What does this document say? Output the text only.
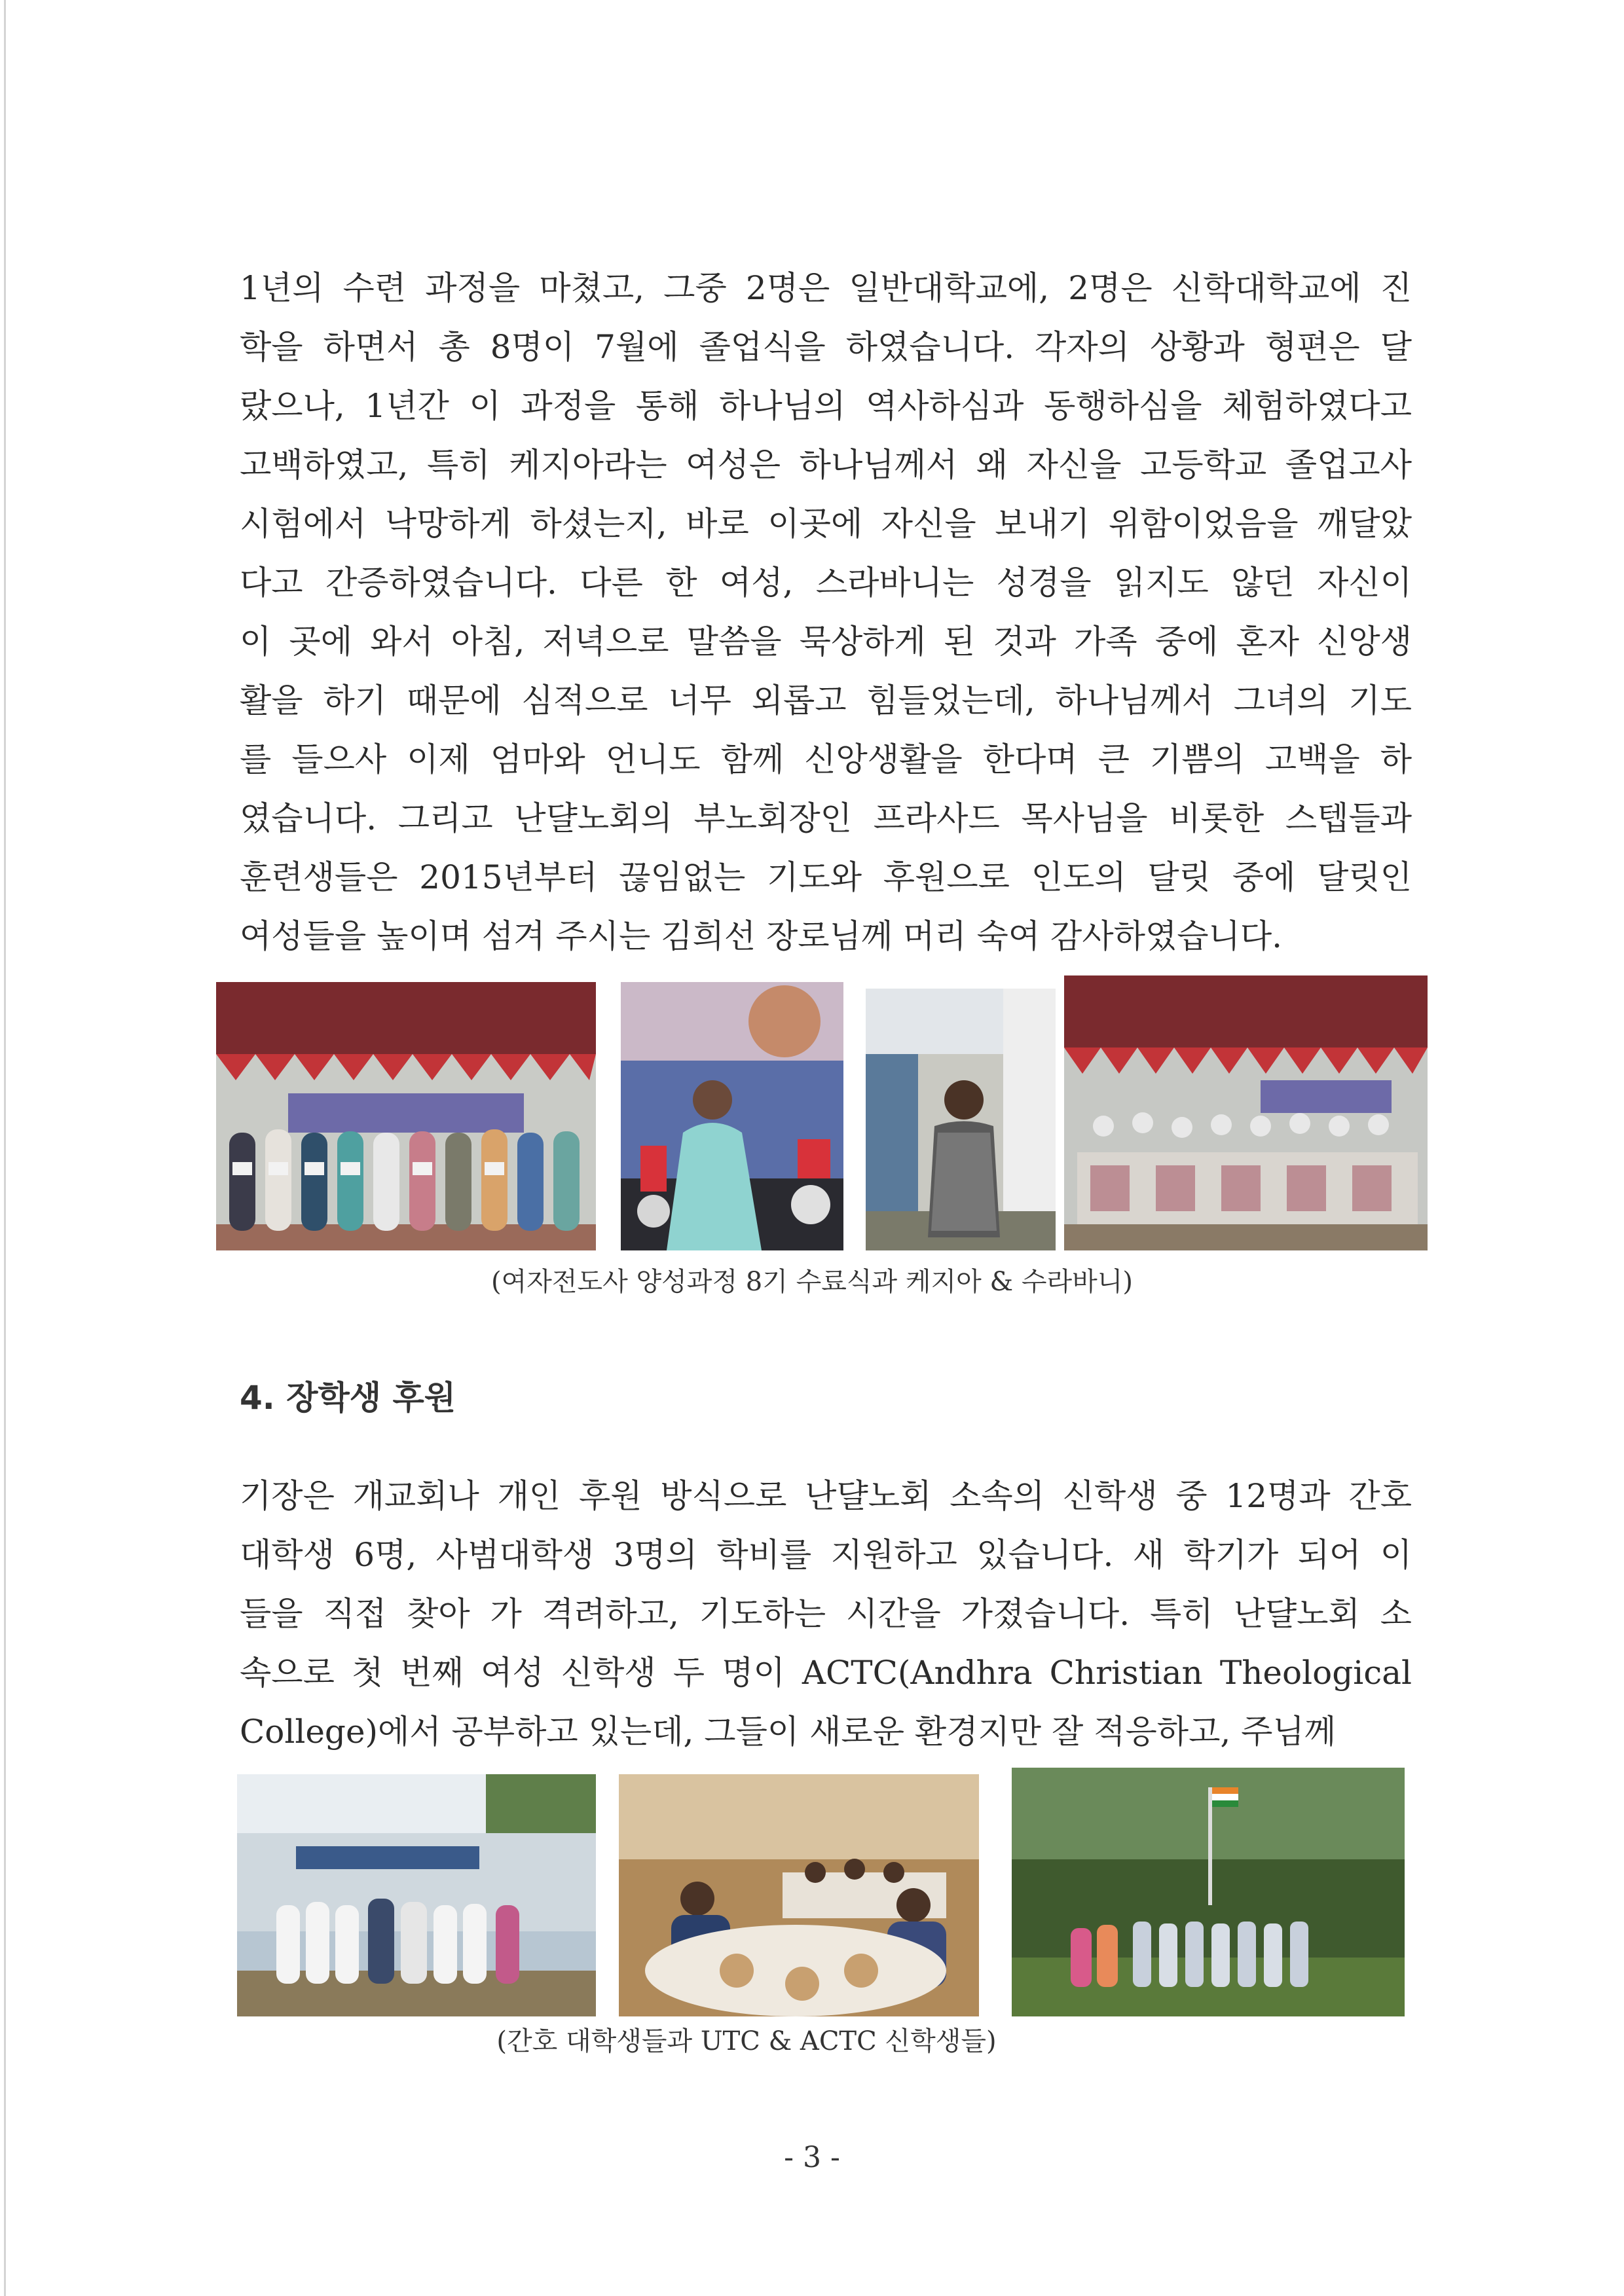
1년의 수련 과정을 마쳤고, 그중 2명은 일반대학교에, 2명은 신학대학교에 진
학을 하면서 총 8명이 7월에 졸업식을 하였습니다. 각자의 상황과 형편은 달
랐으나, 1년간 이 과정을 통해 하나님의 역사하심과 동행하심을 체험하였다고
고백하였고, 특히 케지아라는 여성은 하나님께서 왜 자신을 고등학교 졸업고사
시험에서 낙망하게 하셨는지, 바로 이곳에 자신을 보내기 위함이었음을 깨달았
다고 간증하였습니다. 다른 한 여성, 스라바니는 성경을 읽지도 않던 자신이
이 곳에 와서 아침, 저녁으로 말씀을 묵상하게 된 것과 가족 중에 혼자 신앙생
활을 하기 때문에 심적으로 너무 외롭고 힘들었는데, 하나님께서 그녀의 기도
를 들으사 이제 엄마와 언니도 함께 신앙생활을 한다며 큰 기쁨의 고백을 하
였습니다. 그리고 난댤노회의 부노회장인 프라사드 목사님을 비롯한 스텝들과
훈련생들은 2015년부터 끊임없는 기도와 후원으로 인도의 달릿 중에 달릿인
여성들을 높이며 섬겨 주시는 김희선 장로님께 머리 숙여 감사하였습니다.
(여자전도사 양성과정 8기 수료식과 케지아 & 수라바니)
4. 장학생 후원
기장은 개교회나 개인 후원 방식으로 난댤노회 소속의 신학생 중 12명과 간호
대학생 6명, 사범대학생 3명의 학비를 지원하고 있습니다. 새 학기가 되어 이
들을 직접 찾아 가 격려하고, 기도하는 시간을 가졌습니다. 특히 난댤노회 소
속으로 첫 번째 여성 신학생 두 명이 ACTC(Andhra Christian Theological
College)에서 공부하고 있는데, 그들이 새로운 환경지만 잘 적응하고, 주님께
(간호 대학생들과 UTC & ACTC 신학생들)
- 3 -
